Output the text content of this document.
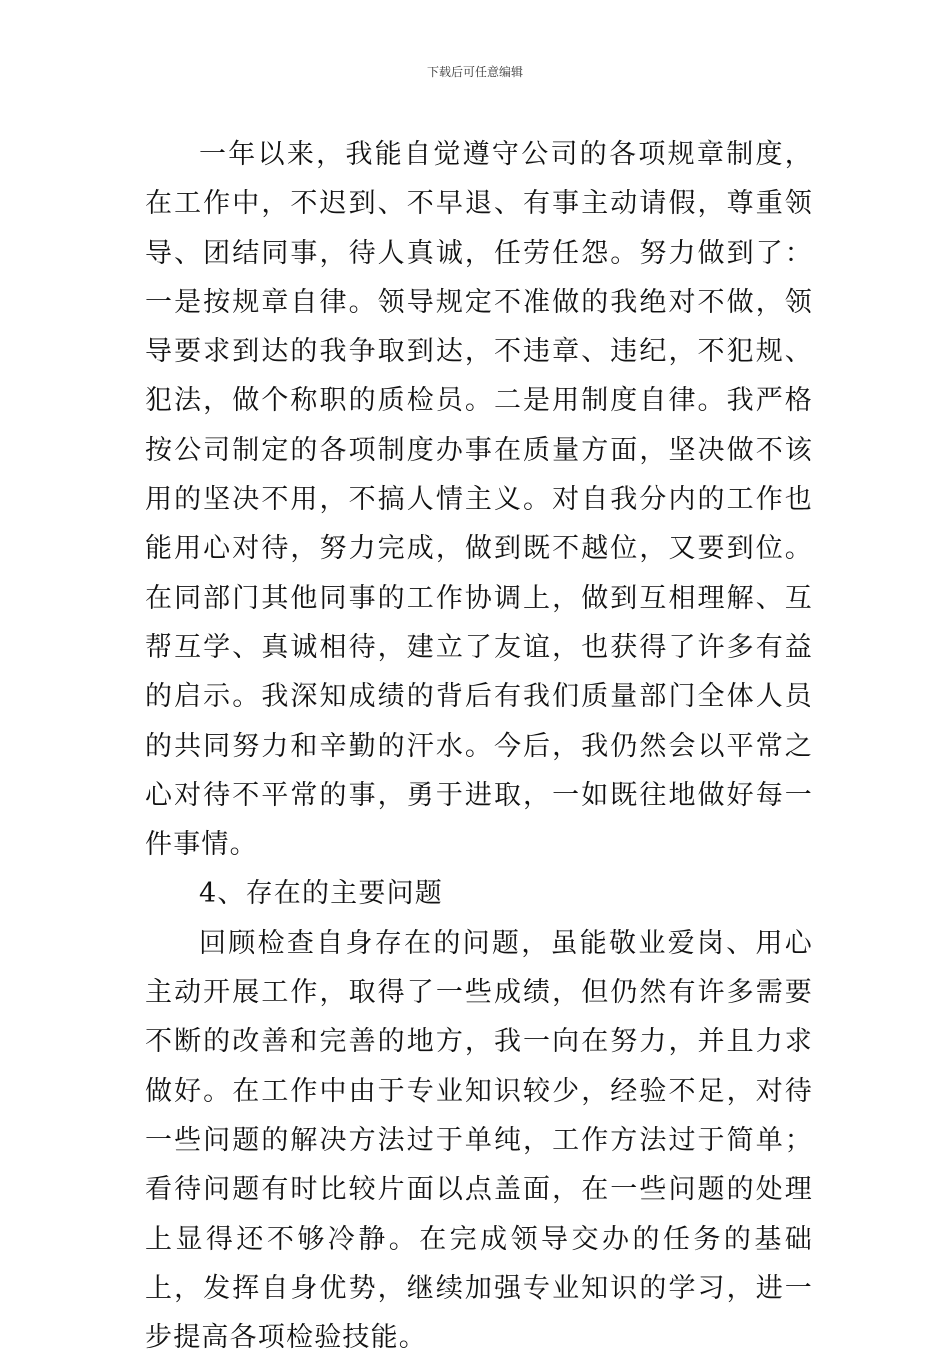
下载后可任意编辑

一年以来，我能自觉遵守公司的各项规章制度，在工作中，不迟到、不早退、有事主动请假，尊重领导、团结同事，待人真诚，任劳任怨。努力做到了：一是按规章自律。领导规定不准做的我绝对不做，领导要求到达的我争取到达，不违章、违纪，不犯规、犯法，做个称职的质检员。二是用制度自律。我严格按公司制定的各项制度办事在质量方面，坚决做不该用的坚决不用，不搞人情主义。对自我分内的工作也能用心对待，努力完成，做到既不越位，又要到位。在同部门其他同事的工作协调上，做到互相理解、互帮互学、真诚相待，建立了友谊，也获得了许多有益的启示。我深知成绩的背后有我们质量部门全体人员的共同努力和辛勤的汗水。今后，我仍然会以平常之心对待不平常的事，勇于进取，一如既往地做好每一件事情。

4、存在的主要问题

回顾检查自身存在的问题，虽能敬业爱岗、用心主动开展工作，取得了一些成绩，但仍然有许多需要不断的改善和完善的地方，我一向在努力，并且力求做好。在工作中由于专业知识较少，经验不足，对待一些问题的解决方法过于单纯，工作方法过于简单；看待问题有时比较片面以点盖面，在一些问题的处理上显得还不够冷静。在完成领导交办的任务的基础上，发挥自身优势，继续加强专业知识的学习，进一步提高各项检验技能。
